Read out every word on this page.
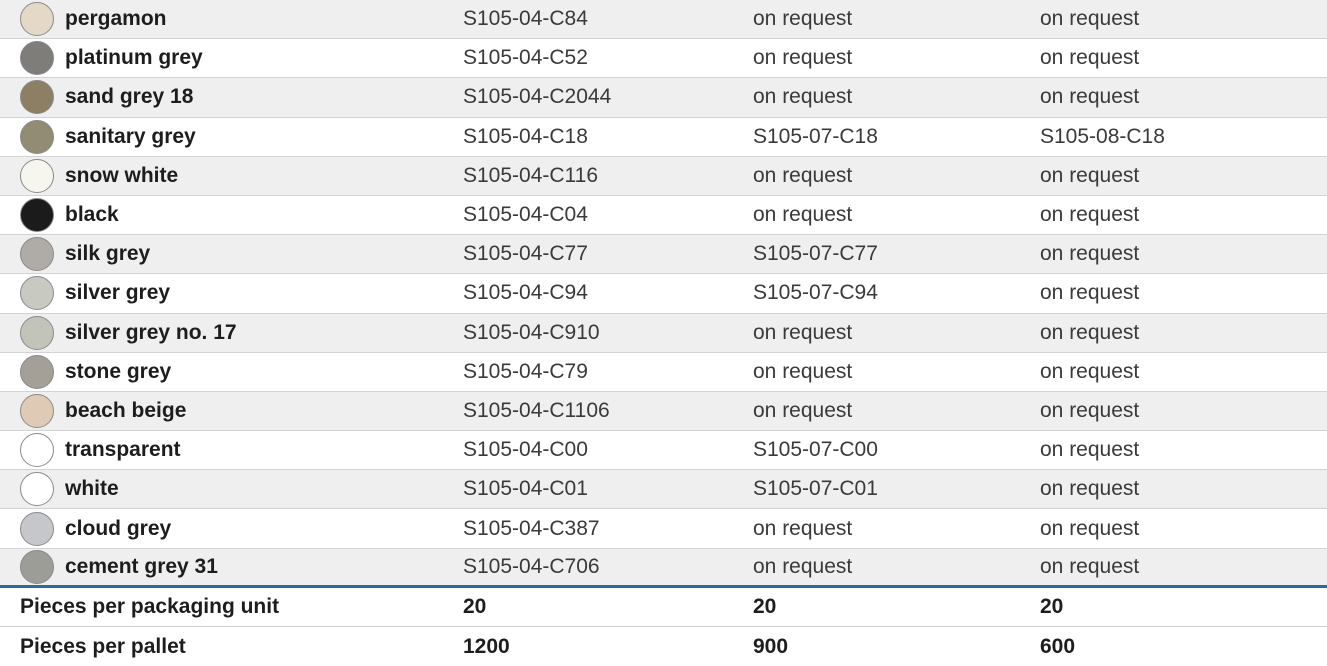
pergamon	S105-04-C84	on request	on request
platinum grey	S105-04-C52	on request	on request
sand grey 18	S105-04-C2044	on request	on request
sanitary grey	S105-04-C18	S105-07-C18	S105-08-C18
snow white	S105-04-C116	on request	on request
black	S105-04-C04	on request	on request
silk grey	S105-04-C77	S105-07-C77	on request
silver grey	S105-04-C94	S105-07-C94	on request
silver grey no. 17	S105-04-C910	on request	on request
stone grey	S105-04-C79	on request	on request
beach beige	S105-04-C1106	on request	on request
transparent	S105-04-C00	S105-07-C00	on request
white	S105-04-C01	S105-07-C01	on request
cloud grey	S105-04-C387	on request	on request
cement grey 31	S105-04-C706	on request	on request
Pieces per packaging unit	20	20	20
Pieces per pallet	1200	900	600
